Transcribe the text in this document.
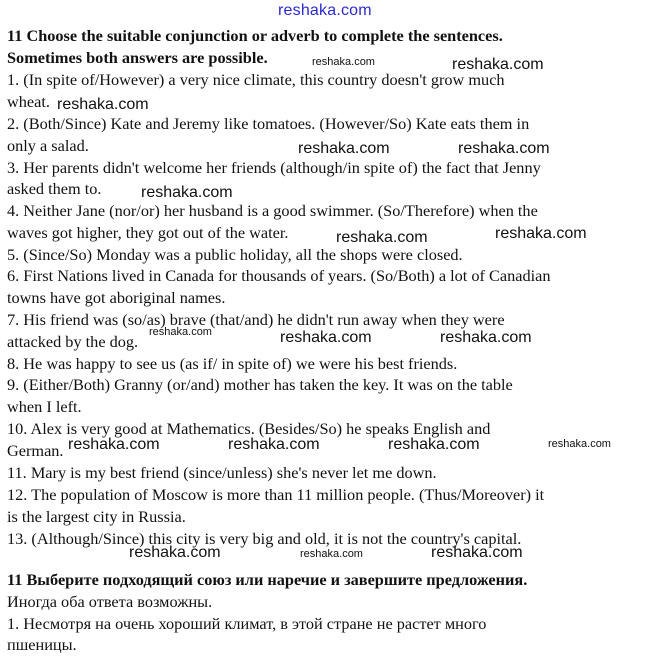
reshaka.com
11 Choose the suitable conjunction or adverb to complete the sentences.
Sometimes both answers are possible.
1. (In spite of/However) a very nice climate, this country doesn't grow much
wheat.
2. (Both/Since) Kate and Jeremy like tomatoes. (However/So) Kate eats them in
only a salad.
3. Her parents didn't welcome her friends (although/in spite of) the fact that Jenny
asked them to.
4. Neither Jane (nor/or) her husband is a good swimmer. (So/Therefore) when the
waves got higher, they got out of the water.
5. (Since/So) Monday was a public holiday, all the shops were closed.
6. First Nations lived in Canada for thousands of years. (So/Both) a lot of Canadian
towns have got aboriginal names.
7. His friend was (so/as) brave (that/and) he didn't run away when they were
attacked by the dog.
8. He was happy to see us (as if/ in spite of) we were his best friends.
9. (Either/Both) Granny (or/and) mother has taken the key. It was on the table
when I left.
10. Alex is very good at Mathematics. (Besides/So) he speaks English and
German.
11. Mary is my best friend (since/unless) she's never let me down.
12. The population of Moscow is more than 11 million people. (Thus/Moreover) it
is the largest city in Russia.
13. (Although/Since) this city is very big and old, it is not the country's capital.
11 Выберите подходящий союз или наречие и завершите предложения.
Иногда оба ответа возможны.
1. Несмотря на очень хороший климат, в этой стране не растет много
пшеницы.
reshaka.com	reshaka.com
reshaka.com
reshaka.com	reshaka.com
reshaka.com
reshaka.com	reshaka.com
reshaka.com	reshaka.com	reshaka.com
reshaka.com	reshaka.com	reshaka.com	reshaka.com
reshaka.com	reshaka.com	reshaka.com
